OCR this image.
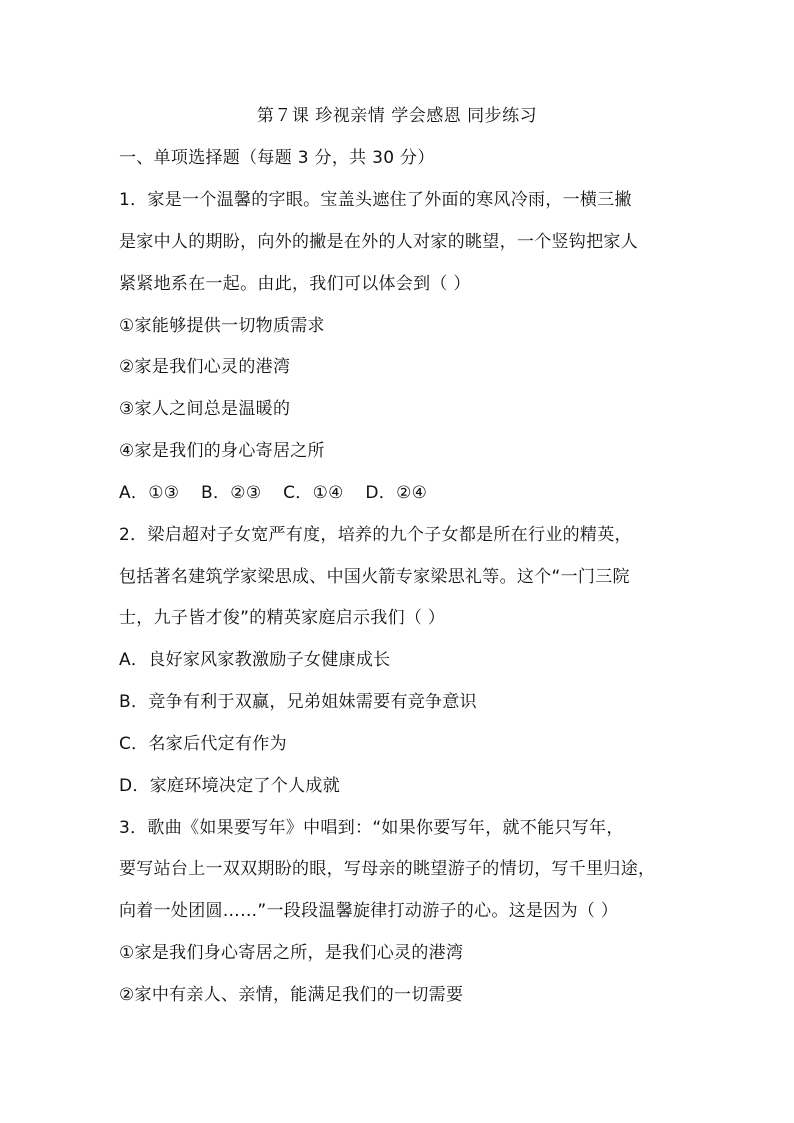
第７课 珍视亲情 学会感恩 同步练习
一、单项选择题（每题 3 分，共 30 分）
1．家是一个温馨的字眼。宝盖头遮住了外面的寒风冷雨，一横三撇
是家中人的期盼，向外的撇是在外的人对家的眺望，一个竖钩把家人
紧紧地系在一起。由此，我们可以体会到（ ）
①家能够提供一切物质需求
②家是我们心灵的港湾
③家人之间总是温暖的
④家是我们的身心寄居之所
A．①③ B．②③ C．①④ D．②④
2．梁启超对子女宽严有度，培养的九个子女都是所在行业的精英，
包括著名建筑学家梁思成、中国火箭专家梁思礼等。这个“一门三院
士，九子皆才俊”的精英家庭启示我们（ ）
A．良好家风家教激励子女健康成长
B．竞争有利于双赢，兄弟姐妹需要有竞争意识
C．名家后代定有作为
D．家庭环境决定了个人成就
3．歌曲《如果要写年》中唱到：“如果你要写年，就不能只写年，
要写站台上一双双期盼的眼，写母亲的眺望游子的情切，写千里归途，
向着一处团圆……”一段段温馨旋律打动游子的心。这是因为（ ）
①家是我们身心寄居之所，是我们心灵的港湾
②家中有亲人、亲情，能满足我们的一切需要
